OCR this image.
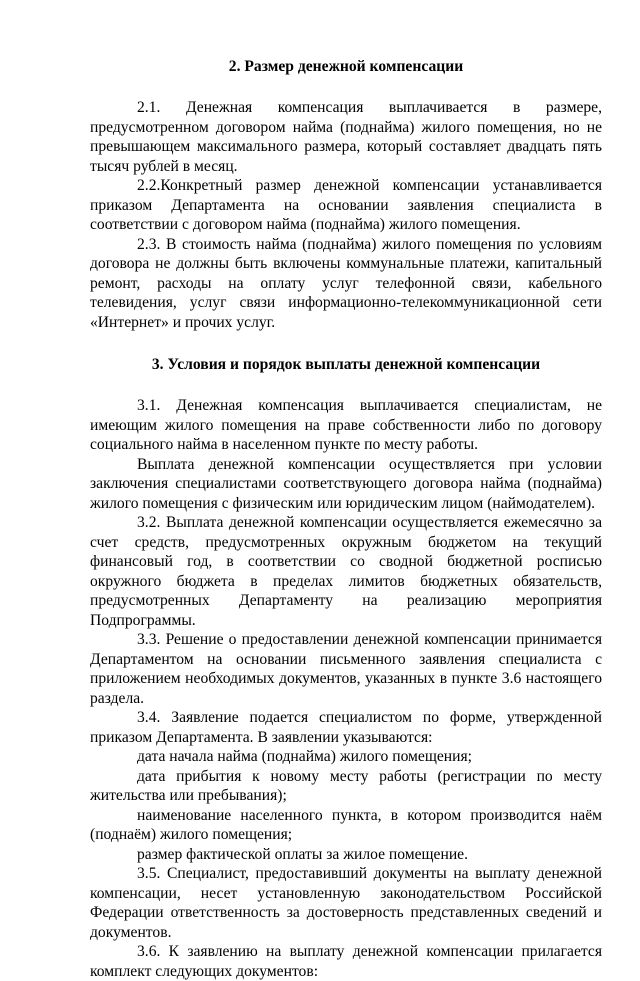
2. Размер денежной компенсации

2.1. Денежная компенсация выплачивается в размере, предусмотренном договором найма (поднайма) жилого помещения, но не превышающем максимального размера, который составляет двадцать пять тысяч рублей в месяц.

2.2.Конкретный размер денежной компенсации устанавливается приказом Департамента на основании заявления специалиста в соответствии с договором найма (поднайма) жилого помещения.

2.3. В стоимость найма (поднайма) жилого помещения по условиям договора не должны быть включены коммунальные платежи, капитальный ремонт, расходы на оплату услуг телефонной связи, кабельного телевидения, услуг связи информационно-телекоммуникационной сети «Интернет» и прочих услуг.

3. Условия и порядок выплаты денежной компенсации

3.1. Денежная компенсация выплачивается специалистам, не имеющим жилого помещения на праве собственности либо по договору социального найма в населенном пункте по месту работы.

Выплата денежной компенсации осуществляется при условии заключения специалистами соответствующего договора найма (поднайма) жилого помещения с физическим или юридическим лицом (наймодателем).

3.2. Выплата денежной компенсации осуществляется ежемесячно за счет средств, предусмотренных окружным бюджетом на текущий финансовый год, в соответствии со сводной бюджетной росписью окружного бюджета в пределах лимитов бюджетных обязательств, предусмотренных Департаменту на реализацию мероприятия Подпрограммы.

3.3. Решение о предоставлении денежной компенсации принимается Департаментом на основании письменного заявления специалиста с приложением необходимых документов, указанных в пункте 3.6 настоящего раздела.

3.4. Заявление подается специалистом по форме, утвержденной приказом Департамента. В заявлении указываются:

дата начала найма (поднайма) жилого помещения;

дата прибытия к новому месту работы (регистрации по месту жительства или пребывания);

наименование населенного пункта, в котором производится наём (поднаём) жилого помещения;

размер фактической оплаты за жилое помещение.

3.5. Специалист, предоставивший документы на выплату денежной компенсации, несет установленную законодательством Российской Федерации ответственность за достоверность представленных сведений и документов.

3.6. К заявлению на выплату денежной компенсации прилагается комплект следующих документов:
